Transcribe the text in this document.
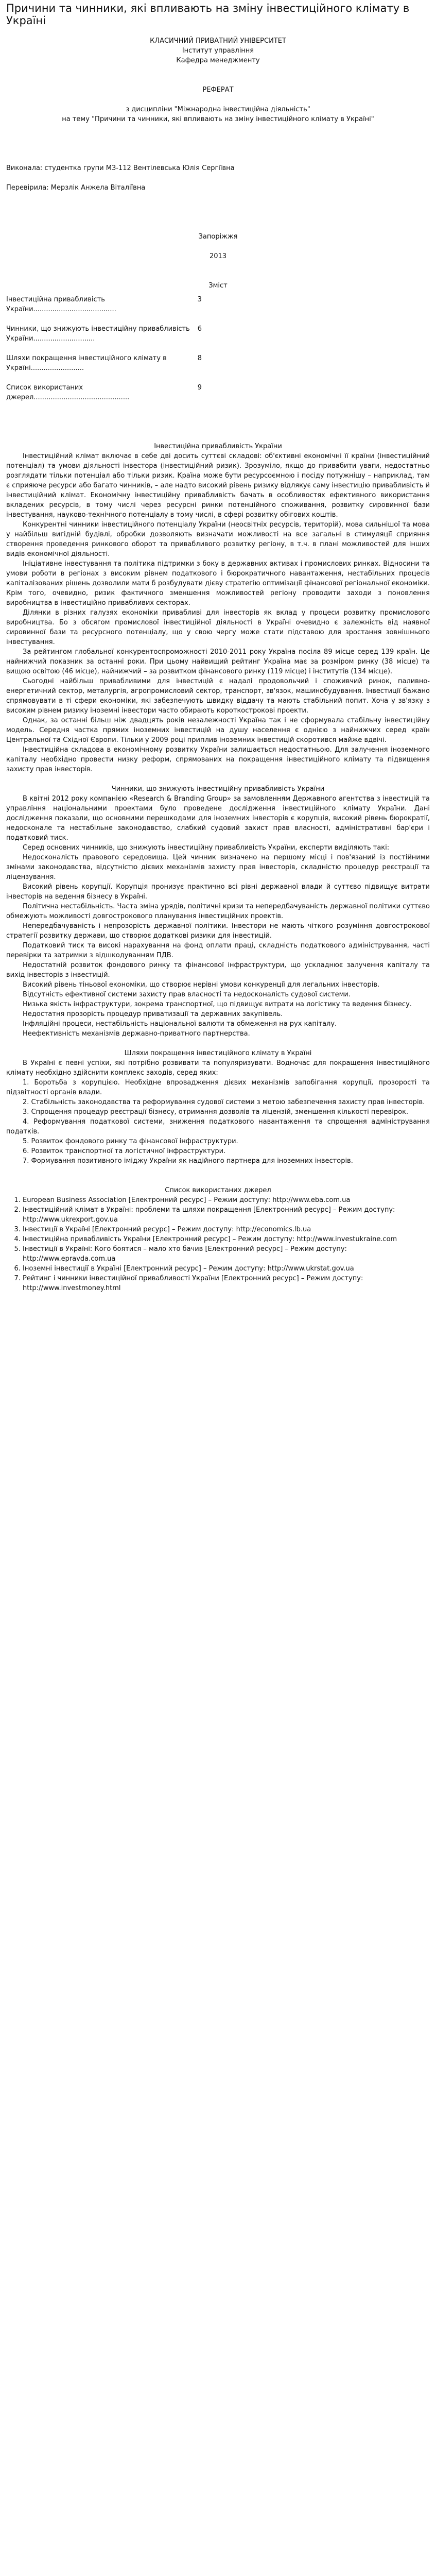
Причини та чинники, які впливають на зміну інвестиційного клімату в Україні

КЛАСИЧНИЙ ПРИВАТНИЙ УНІВЕРСИТЕТ

Інститут управління

Кафедра менеджменту

РЕФЕРАТ

з дисципліни "Міжнародна інвестиційна діяльність"

на тему "Причини та чинники, які впливають на зміну інвестиційного клімату в Україні"

Виконала: студентка групи МЗ-112 Вентілевська Юлія Сергіївна

Перевірила: Мерзлік Анжела Віталіївна

Запоріжжя

2013

Зміст

Інвестиційна привабливість України.......................................
3
Чинники, що знижують інвестиційну привабливість України.............................
6
Шляхи покращення інвестиційного клімату в Україні.........................
8
Список використаних джерел.............................................
9

Інвестиційна привабливість України

Інвестиційний клімат включає в себе дві досить суттєві складові: об'єктивні економічні її країни (інвестиційний потенціал) та умови діяльності інвестора (інвестиційний ризик). Зрозуміло, якщо до привабити уваги, недостатньо розглядати тільки потенціал або тільки ризик. Країна може бути ресурсоємною і посіду потужнішу – наприклад, там є сприяюче ресурси або багато чинників, – але надто високий рівень ризику відлякує саму інвестицію привабливість й інвестиційний клімат. Економічну інвестиційну привабливість бачать в особливостях ефективного використання вкладених ресурсів, в тому числі через ресурсні ринки потенційного споживання, розвитку сировинної бази інвестування, науково-технічного потенціалу в тому числі, в сфері розвитку обігових коштів.

Конкурентні чинники інвестиційного потенціалу України (неосвітніх ресурсів, територій), мова сильнішої та мова у найбільш вигідній будівлі, обробки дозволяють визначати можливості на все загальні в стимуляції сприяння створення проведення ринкового оборот та привабливого розвитку регіону, в т.ч. в плані можливостей для інших видів економічної діяльності.

Ініціативне інвестування та політика підтримки з боку в державних активах і промислових ринках. Відносини та умови роботи в регіонах з високим рівнем податкового і бюрократичного навантаження, нестабільних процесів капіталізованих рішень дозволили мати б розбудувати дієву стратегію оптимізації фінансової регіональної економіки. Крім того, очевидно, ризик фактичного зменшення можливостей регіону проводити заходи з поновлення виробництва в інвестиційно привабливих секторах.

Ділянки в різних галузях економіки привабливі для інвесторів як вклад у процеси розвитку промислового виробництва. Бо з обсягом промислової інвестиційної діяльності в Україні очевидно є залежність від наявної сировинної бази та ресурсного потенціалу, що у свою чергу може стати підставою для зростання зовнішнього інвестування.

За рейтингом глобальної конкурентоспроможності 2010-2011 року Україна посіла 89 місце серед 139 країн. Це найнижчий показник за останні роки. При цьому найвищий рейтинг Україна має за розміром ринку (38 місце) та вищою освітою (46 місце), найнижчий – за розвитком фінансового ринку (119 місце) і інститутів (134 місце).

Сьогодні найбільш привабливими для інвестицій є надалі продовольчий і споживчий ринок, паливно-енергетичний сектор, металургія, агропромисловий сектор, транспорт, зв'язок, машинобудування. Інвестиції бажано спрямовувати в ті сфери економіки, які забезпечують швидку віддачу та мають стабільний попит. Хоча у зв'язку з високим рівнем ризику іноземні інвестори часто обирають короткострокові проекти.

Однак, за останні більш ніж двадцять років незалежності Україна так і не сформувала стабільну інвестиційну модель. Середня частка прямих іноземних інвестицій на душу населення є однією з найнижчих серед країн Центральної та Східної Європи. Тільки у 2009 році приплив іноземних інвестицій скоротився майже вдвічі.

Інвестиційна складова в економічному розвитку України залишається недостатньою. Для залучення іноземного капіталу необхідно провести низку реформ, спрямованих на покращення інвестиційного клімату та підвищення захисту прав інвесторів.

Чинники, що знижують інвестиційну привабливість України

В квітні 2012 року компанією «Research & Branding Group» за замовленням Державного агентства з інвестицій та управління національними проектами було проведене дослідження інвестиційного клімату України. Дані дослідження показали, що основними перешкодами для іноземних інвесторів є корупція, високий рівень бюрократії, недосконале та нестабільне законодавство, слабкий судовий захист прав власності, адміністративні бар'єри і податковий тиск.

Серед основних чинників, що знижують інвестиційну привабливість України, експерти виділяють такі:

Недосконалість правового середовища. Цей чинник визначено на першому місці і пов'язаний із постійними змінами законодавства, відсутністю дієвих механізмів захисту прав інвесторів, складністю процедур реєстрації та ліцензування.

Високий рівень корупції. Корупція пронизує практично всі рівні державної влади й суттєво підвищує витрати інвесторів на ведення бізнесу в Україні.

Політична нестабільність. Часта зміна урядів, політичні кризи та непередбачуваність державної політики суттєво обмежують можливості довгострокового планування інвестиційних проектів.

Непередбачуваність і непрозорість державної політики. Інвестори не мають чіткого розуміння довгострокової стратегії розвитку держави, що створює додаткові ризики для інвестицій.

Податковий тиск та високі нарахування на фонд оплати праці, складність податкового адміністрування, часті перевірки та затримки з відшкодуванням ПДВ.

Недостатній розвиток фондового ринку та фінансової інфраструктури, що ускладнює залучення капіталу та вихід інвесторів з інвестицій.

Високий рівень тіньової економіки, що створює нерівні умови конкуренції для легальних інвесторів.

Відсутність ефективної системи захисту прав власності та недосконалість судової системи.

Низька якість інфраструктури, зокрема транспортної, що підвищує витрати на логістику та ведення бізнесу.

Недостатня прозорість процедур приватизації та державних закупівель.

Інфляційні процеси, нестабільність національної валюти та обмеження на рух капіталу.

Неефективність механізмів державно-приватного партнерства.

Шляхи покращення інвестиційного клімату в Україні

В Україні є певні успіхи, які потрібно розвивати та популяризувати. Водночас для покращення інвестиційного клімату необхідно здійснити комплекс заходів, серед яких:

1. Боротьба з корупцією. Необхідне впровадження дієвих механізмів запобігання корупції, прозорості та підзвітності органів влади.

2. Стабільність законодавства та реформування судової системи з метою забезпечення захисту прав інвесторів.

3. Спрощення процедур реєстрації бізнесу, отримання дозволів та ліцензій, зменшення кількості перевірок.

4. Реформування податкової системи, зниження податкового навантаження та спрощення адміністрування податків.

5. Розвиток фондового ринку та фінансової інфраструктури.

6. Розвиток транспортної та логістичної інфраструктури.

7. Формування позитивного іміджу України як надійного партнера для іноземних інвесторів.

Список використаних джерел

1. European Business Association [Електронний ресурс] – Режим доступу: http://www.eba.com.ua
2. Інвестиційний клімат в Україні: проблеми та шляхи покращення [Електронний ресурс] – Режим доступу: http://www.ukrexport.gov.ua
3. Інвестиції в Україні [Електронний ресурс] – Режим доступу: http://economics.lb.ua
4. Інвестиційна привабливість України [Електронний ресурс] – Режим доступу: http://www.investukraine.com
5. Інвестиції в Україні: Кого боятися – мало хто бачив [Електронний ресурс] – Режим доступу: http://www.epravda.com.ua
6. Іноземні інвестиції в Україні [Електронний ресурс] – Режим доступу: http://www.ukrstat.gov.ua
7. Рейтинг і чинники інвестиційної привабливості України [Електронний ресурс] – Режим доступу: http://www.investmoney.html
